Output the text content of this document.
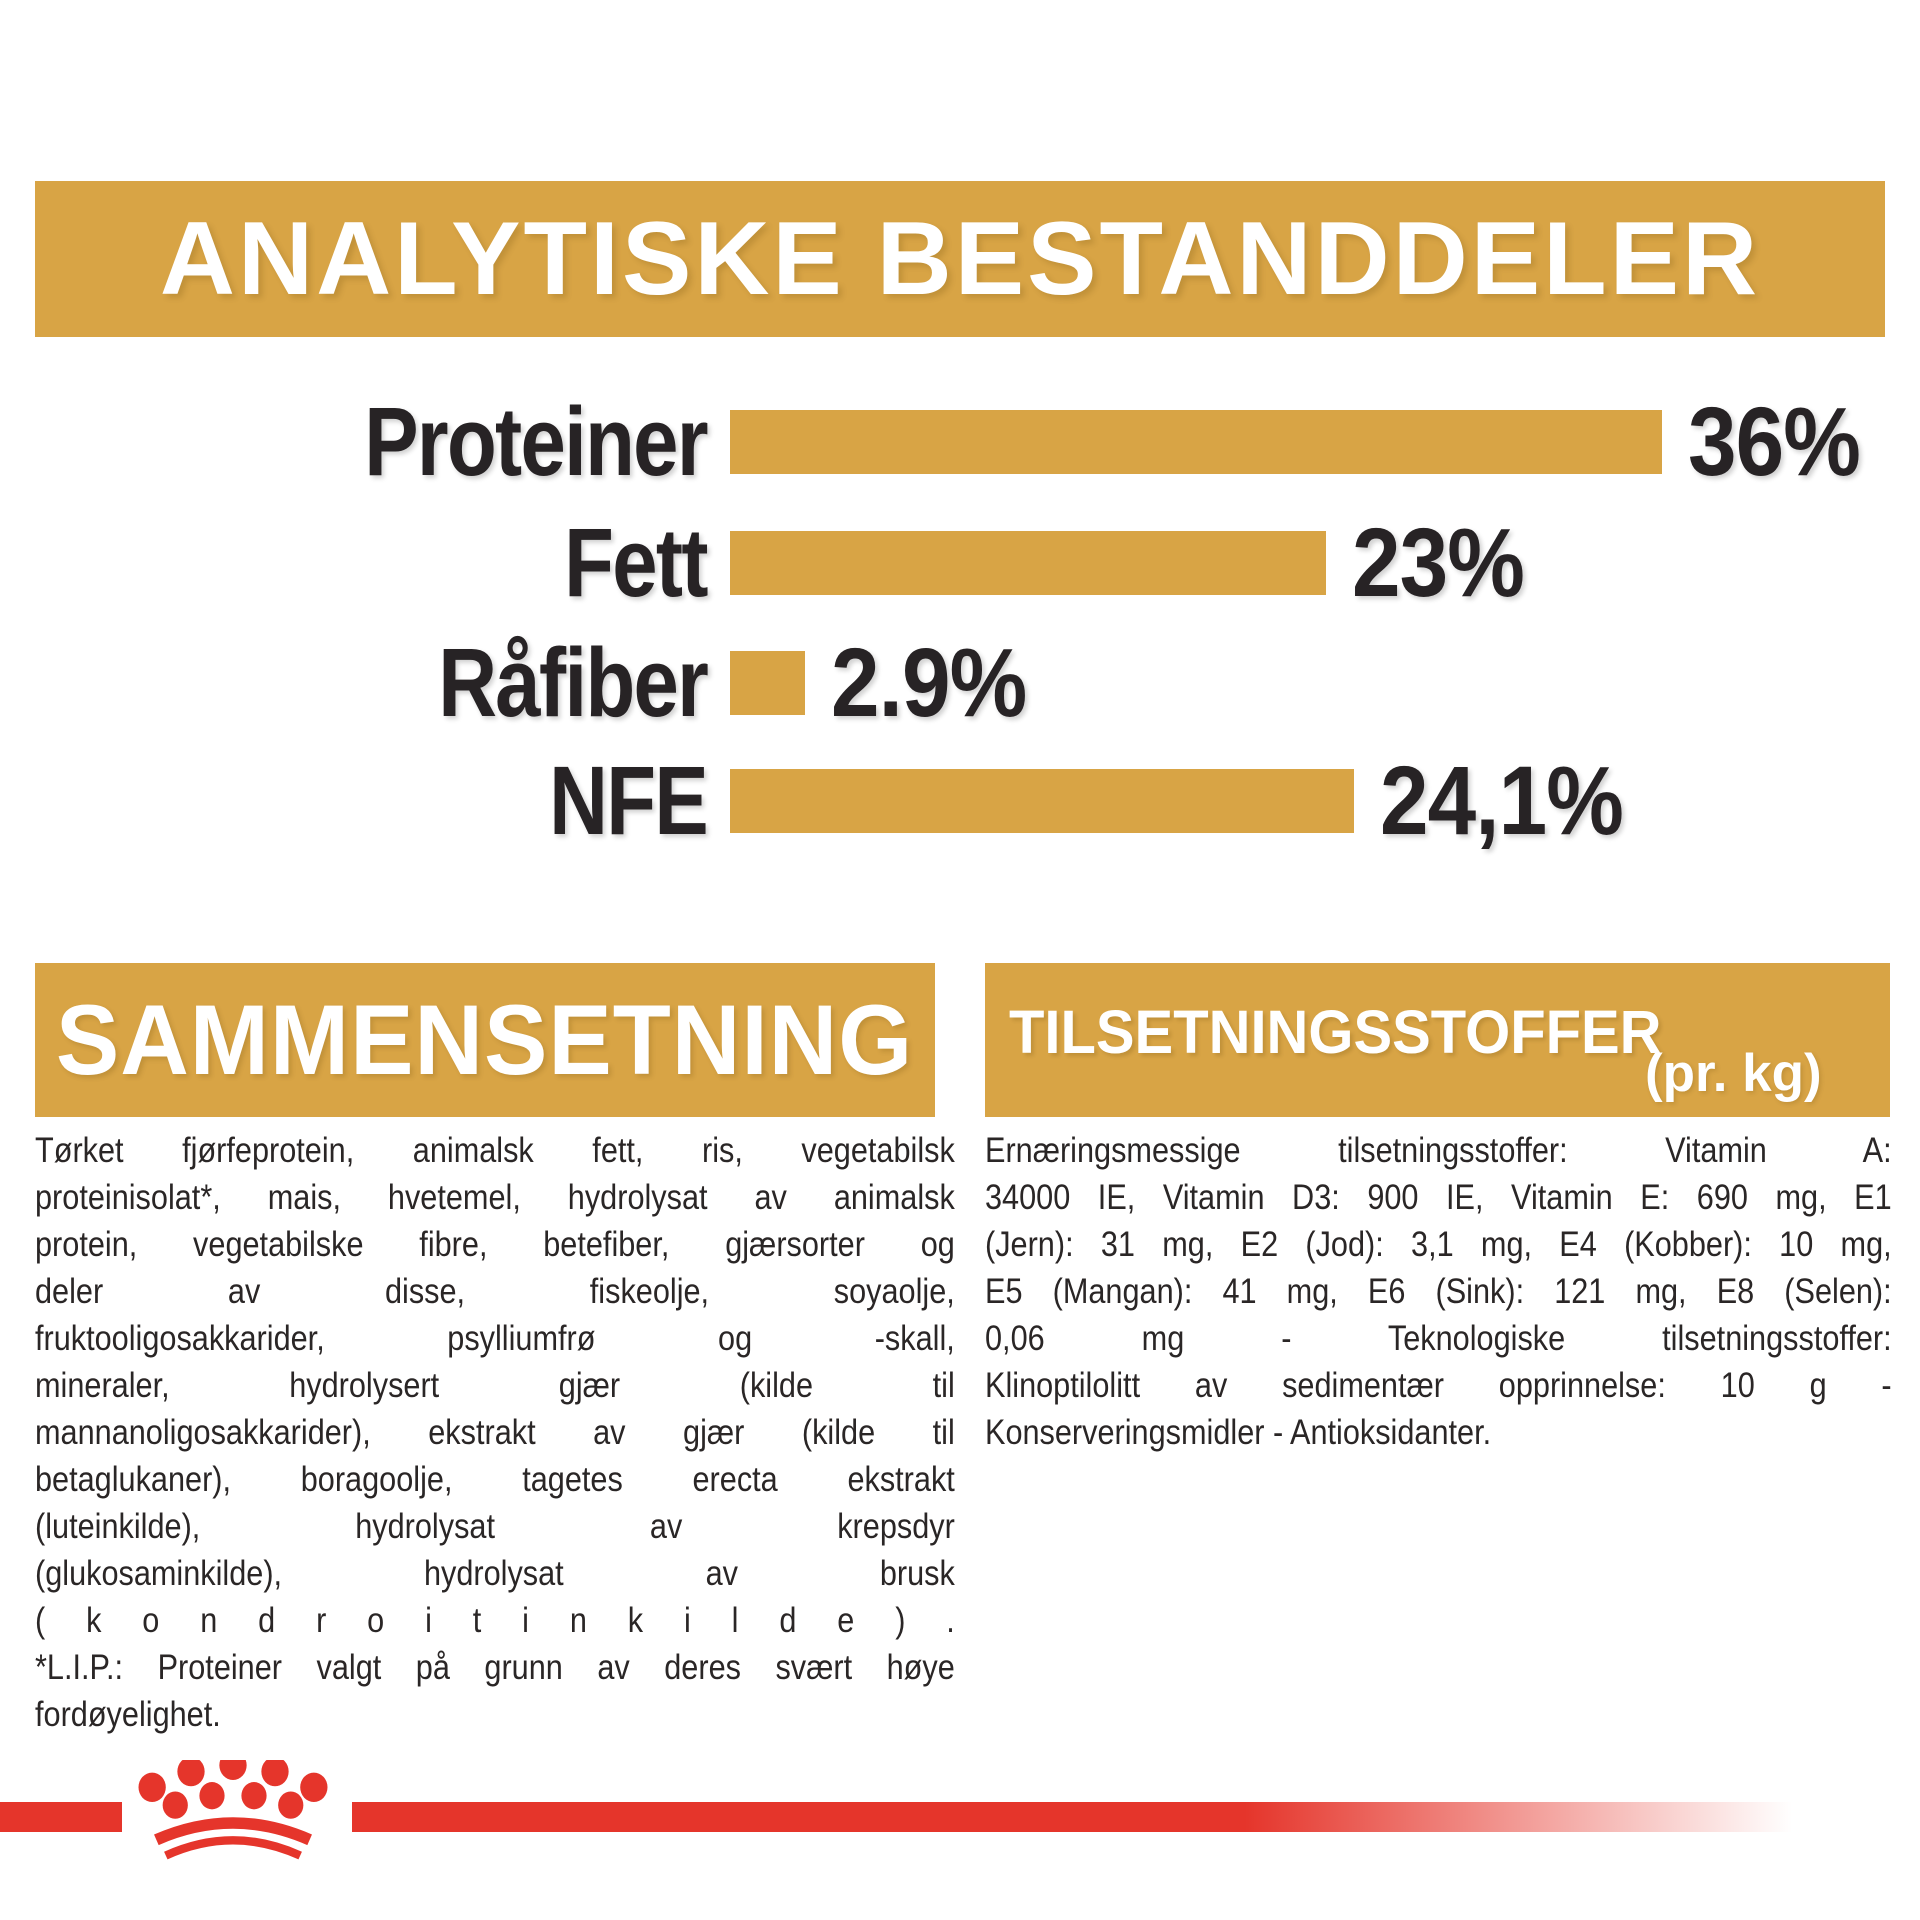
ANALYTISKE BESTANDDELER
Proteiner	36%
Fett	23%
Råfiber 2.9%
NFE	24,1%
SAMMENSETNING
Tørket fjørfeprotein, animalsk fett, ris, vegetabilsk
proteinisolat*, mais, hvetemel, hydrolysat av animalsk
protein, vegetabilske fibre, betefiber, gjærsorter og
deler av disse, fiskeolje, soyaolje,
fruktooligosakkarider, psylliumfrø og -skall,
mineraler, hydrolysert gjær (kilde til
mannanoligosakkarider), ekstrakt av gjær (kilde til
betaglukaner), boragoolje, tagetes erecta ekstrakt
(luteinkilde), hydrolysat av krepsdyr
(glukosaminkilde), hydrolysat av brusk
( k o n d r o i t i n k i l d e ) .
*L.I.P.: Proteiner valgt på grunn av deres svært høye
fordøyelighet.
TILSETNINGSSTOFFER
(pr. kg)
Ernæringsmessige tilsetningsstoffer: Vitamin A:
34000 IE, Vitamin D3: 900 IE, Vitamin E: 690 mg, E1
(Jern): 31 mg, E2 (Jod): 3,1 mg, E4 (Kobber): 10 mg,
E5 (Mangan): 41 mg, E6 (Sink): 121 mg, E8 (Selen):
0,06 mg - Teknologiske tilsetningsstoffer:
Klinoptilolitt av sedimentær opprinnelse: 10 g -
Konserveringsmidler - Antioksidanter.
